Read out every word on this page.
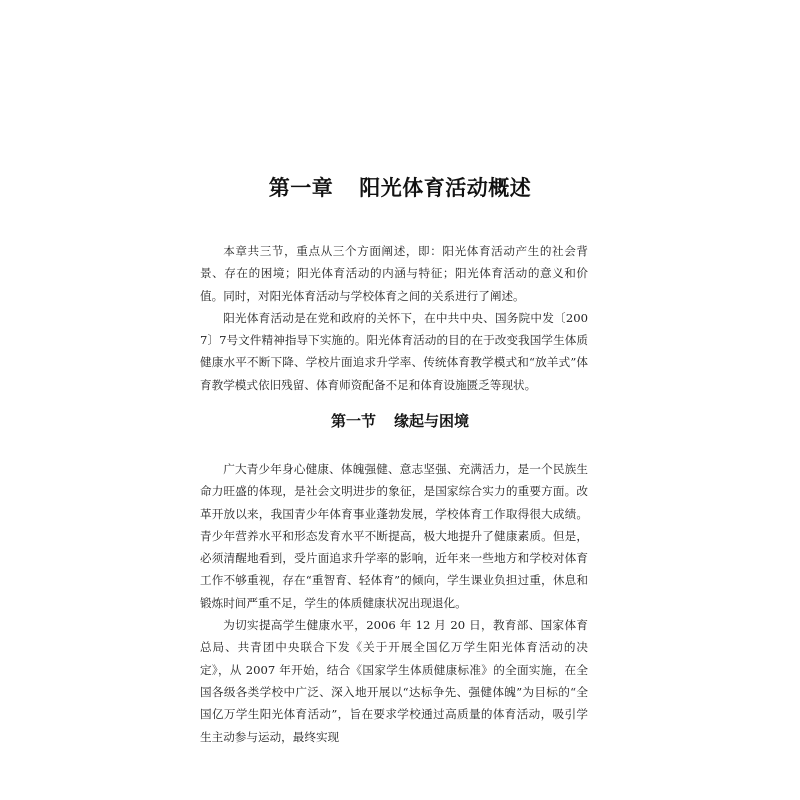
第一章 阳光体育活动概述

本章共三节，重点从三个方面阐述，即：阳光体育活动产生的社会背景、存在的困境；阳光体育活动的内涵与特征；阳光体育活动的意义和价值。同时，对阳光体育活动与学校体育之间的关系进行了阐述。

阳光体育活动是在党和政府的关怀下，在中共中央、国务院中发〔2007〕7号文件精神指导下实施的。阳光体育活动的目的在于改变我国学生体质健康水平不断下降、学校片面追求升学率、传统体育教学模式和“放羊式”体育教学模式依旧残留、体育师资配备不足和体育设施匮乏等现状。

第一节 缘起与困境

广大青少年身心健康、体魄强健、意志坚强、充满活力，是一个民族生命力旺盛的体现，是社会文明进步的象征，是国家综合实力的重要方面。改革开放以来，我国青少年体育事业蓬勃发展，学校体育工作取得很大成绩。青少年营养水平和形态发育水平不断提高，极大地提升了健康素质。但是，必须清醒地看到，受片面追求升学率的影响，近年来一些地方和学校对体育工作不够重视，存在“重智育、轻体育”的倾向，学生课业负担过重，休息和锻炼时间严重不足，学生的体质健康状况出现退化。

为切实提高学生健康水平，2006 年 12 月 20 日，教育部、国家体育总局、共青团中央联合下发《关于开展全国亿万学生阳光体育活动的决定》，从 2007 年开始，结合《国家学生体质健康标准》的全面实施，在全国各级各类学校中广泛、深入地开展以“达标争先、强健体魄”为目标的“全国亿万学生阳光体育活动”，旨在要求学校通过高质量的体育活动，吸引学生主动参与运动，最终实现
